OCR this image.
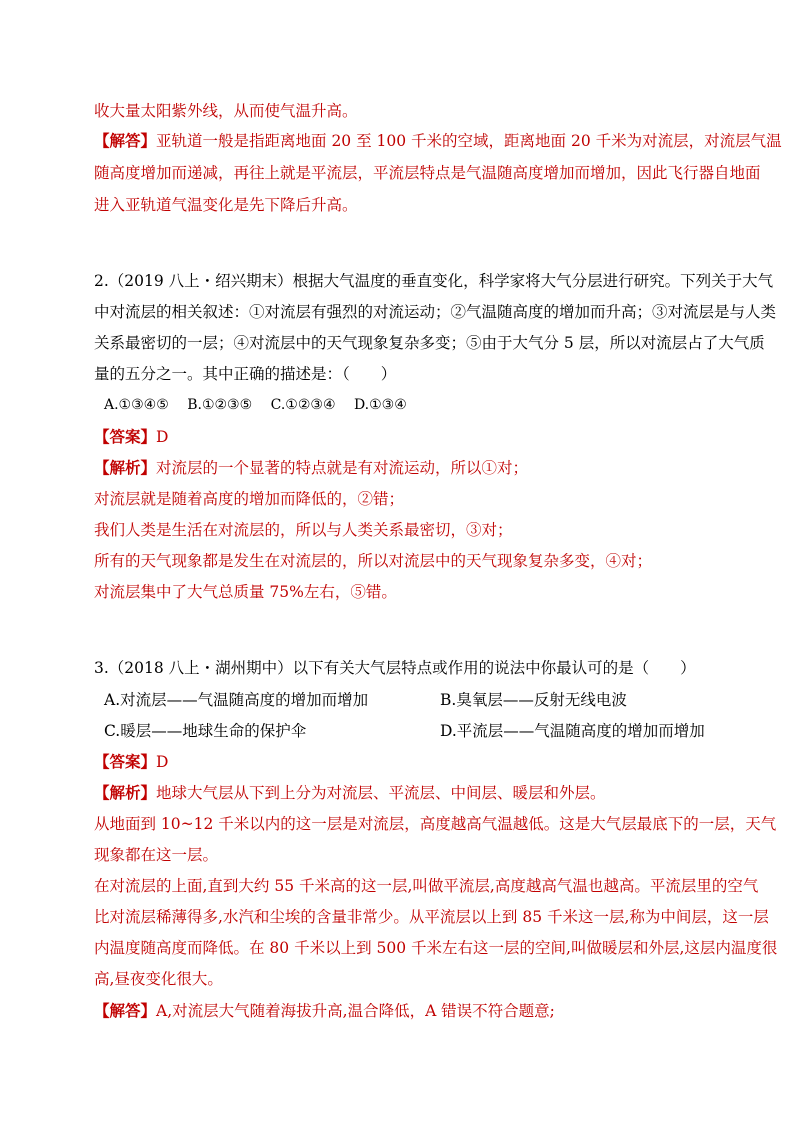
收大量太阳紫外线，从而使气温升高。
【解答】亚轨道一般是指距离地面 20 至 100 千米的空域，距离地面 20 千米为对流层，对流层气温
随高度增加而递减，再往上就是平流层，平流层特点是气温随高度增加而增加，因此飞行器自地面
进入亚轨道气温变化是先下降后升高。
2.（2019 八上・绍兴期末）根据大气温度的垂直变化，科学家将大气分层进行研究。下列关于大气
中对流层的相关叙述：①对流层有强烈的对流运动；②气温随高度的增加而升高；③对流层是与人类
关系最密切的一层；④对流层中的天气现象复杂多变；⑤由于大气分 5 层，所以对流层占了大气质
量的五分之一。其中正确的描述是：（　　）
A.①③④⑤ B.①②③⑤ C.①②③④ D.①③④
【答案】D
【解析】对流层的一个显著的特点就是有对流运动，所以①对；
对流层就是随着高度的增加而降低的，②错；
我们人类是生活在对流层的，所以与人类关系最密切，③对；
所有的天气现象都是发生在对流层的，所以对流层中的天气现象复杂多变，④对；
对流层集中了大气总质量 75%左右，⑤错。
3.（2018 八上・湖州期中）以下有关大气层特点或作用的说法中你最认可的是（　　）
A.对流层——气温随高度的增加而增加	B.臭氧层——反射无线电波
C.暖层——地球生命的保护伞	D.平流层——气温随高度的增加而增加
【答案】D
【解析】地球大气层从下到上分为对流层、平流层、中间层、暖层和外层。
从地面到 10~12 千米以内的这一层是对流层，高度越高气温越低。这是大气层最底下的一层，天气
现象都在这一层。
在对流层的上面,直到大约 55 千米高的这一层,叫做平流层,高度越高气温也越高。平流层里的空气
比对流层稀薄得多,水汽和尘埃的含量非常少。从平流层以上到 85 千米这一层,称为中间层，这一层
内温度随高度而降低。在 80 千米以上到 500 千米左右这一层的空间,叫做暖层和外层,这层内温度很
高,昼夜变化很大。
【解答】A,对流层大气随着海拔升高,温合降低，A 错误不符合题意;
